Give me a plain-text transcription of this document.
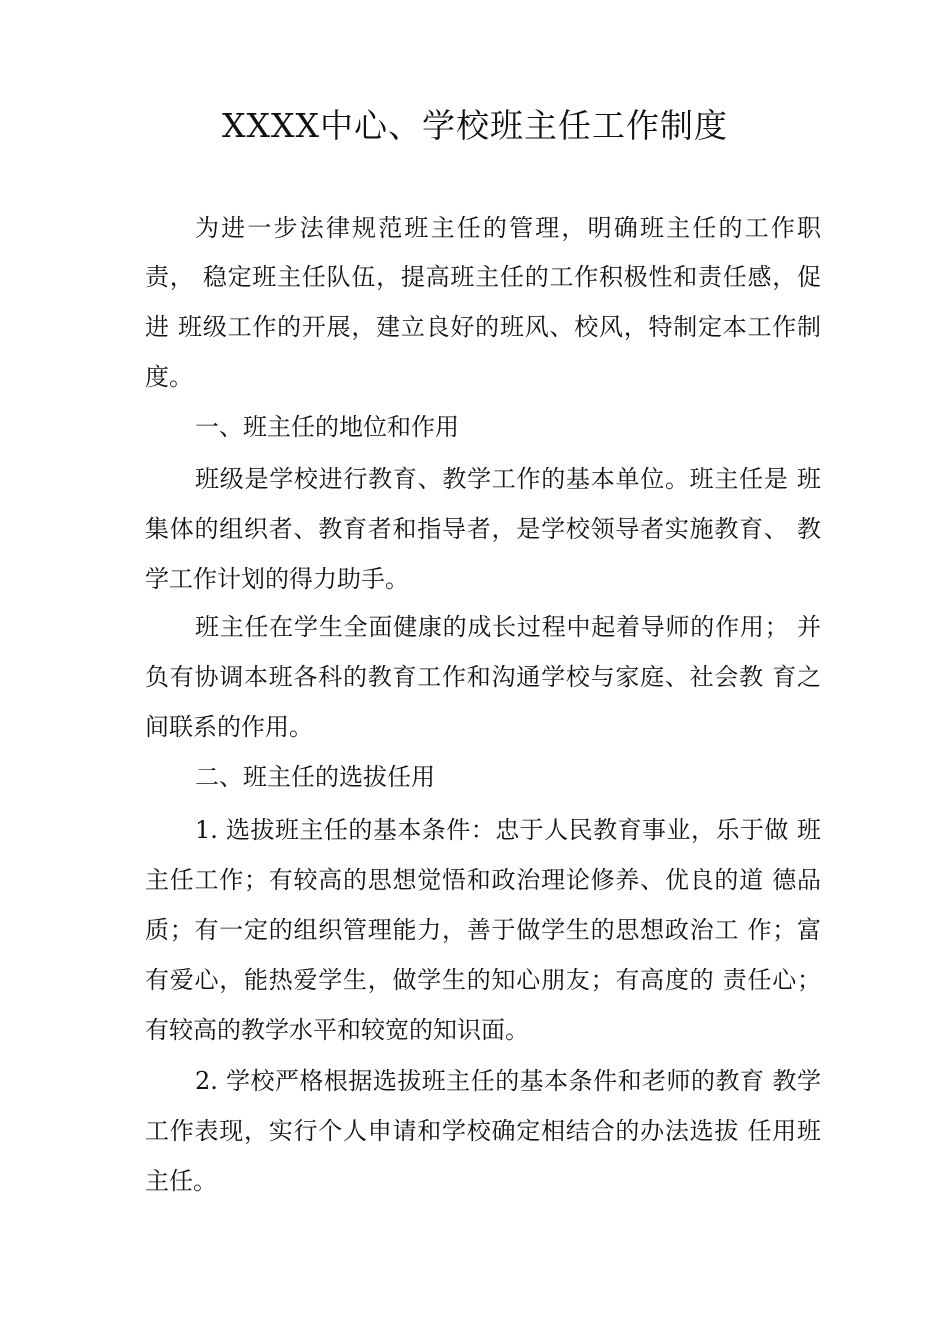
XXXX中心、学校班主任工作制度
为进一步法律规范班主任的管理，明确班主任的工作职
责， 稳定班主任队伍，提高班主任的工作积极性和责任感，促
进 班级工作的开展，建立良好的班风、校风，特制定本工作制
度。
一、班主任的地位和作用
班级是学校进行教育、教学工作的基本单位。班主任是 班
集体的组织者、教育者和指导者，是学校领导者实施教育、 教
学工作计划的得力助手。
班主任在学生全面健康的成长过程中起着导师的作用； 并
负有协调本班各科的教育工作和沟通学校与家庭、社会教 育之
间联系的作用。
二、班主任的选拔任用
1. 选拔班主任的基本条件：忠于人民教育事业，乐于做 班
主任工作；有较高的思想觉悟和政治理论修养、优良的道 德品
质；有一定的组织管理能力，善于做学生的思想政治工 作；富
有爱心，能热爱学生，做学生的知心朋友；有高度的 责任心；
有较高的教学水平和较宽的知识面。
2. 学校严格根据选拔班主任的基本条件和老师的教育 教学
工作表现，实行个人申请和学校确定相结合的办法选拔 任用班
主任。
